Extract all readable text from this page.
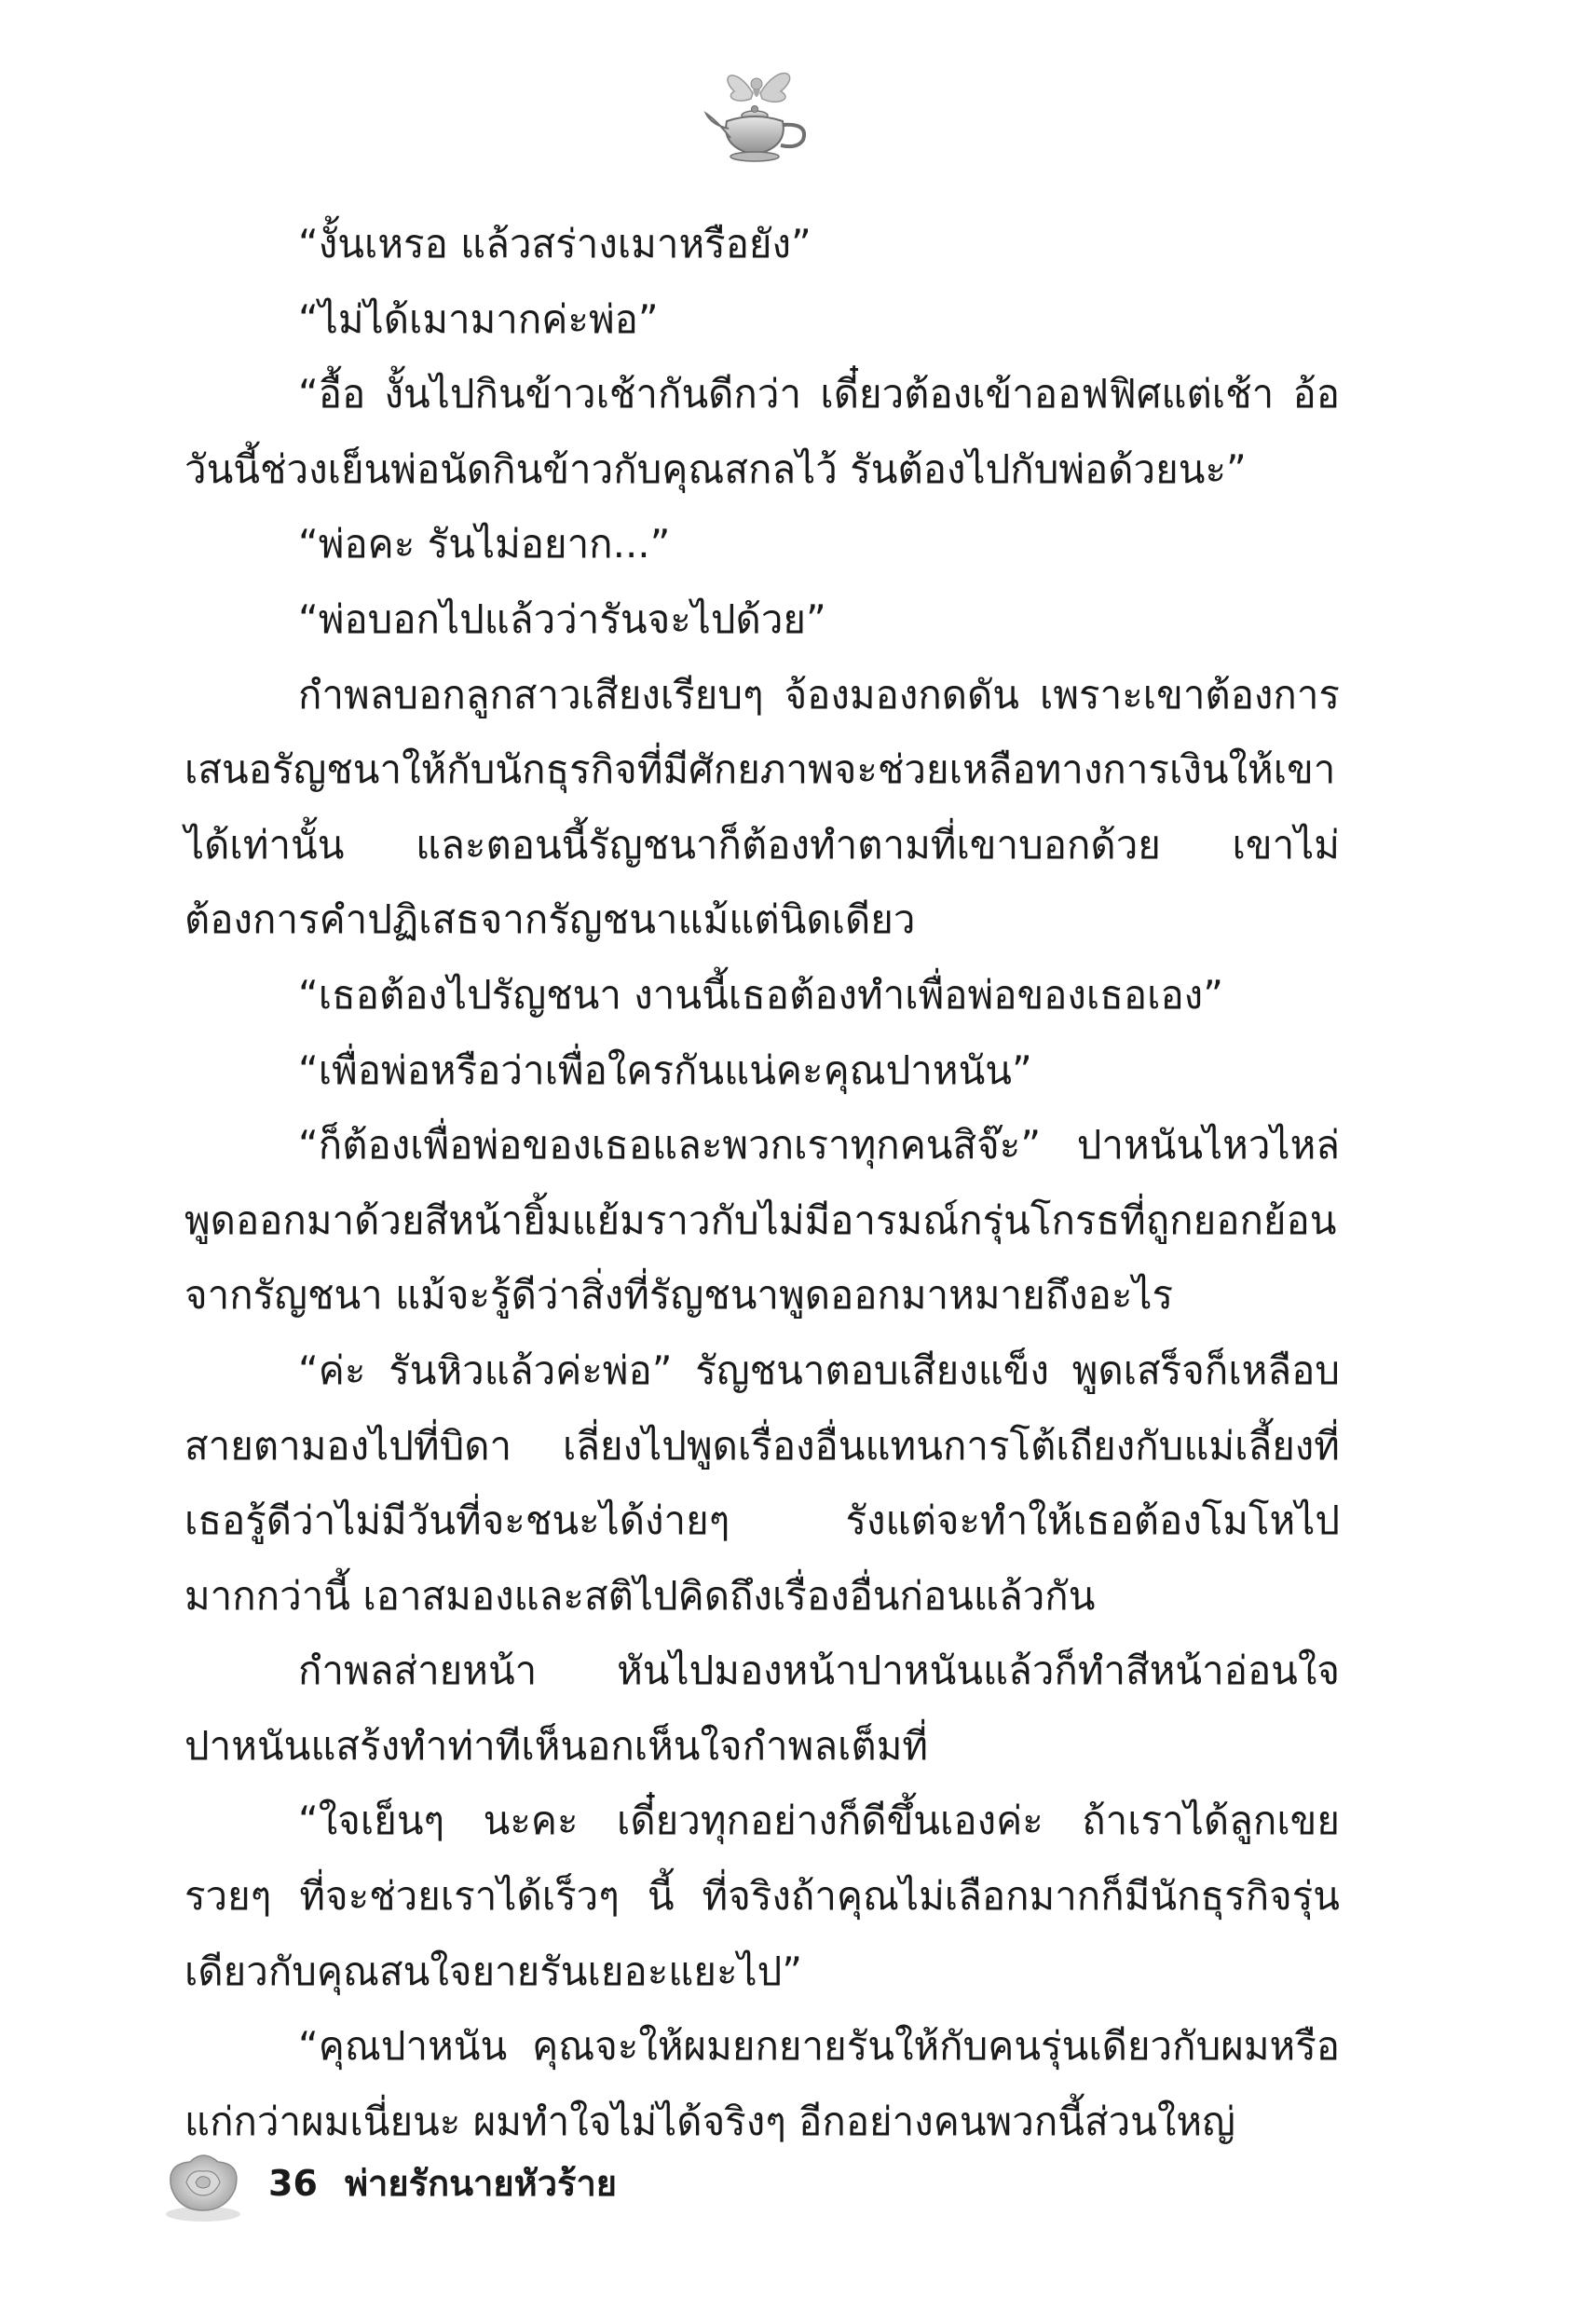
“งั้นเหรอ แล้วสร่างเมาหรือยัง”

“ไม่ได้เมามากค่ะพ่อ”

“อื้อ งั้นไปกินข้าวเช้ากันดีกว่า เดี๋ยวต้องเข้าออฟฟิศแต่เช้า อ้อ วันนี้ช่วงเย็นพ่อนัดกินข้าวกับคุณสกลไว้ รันต้องไปกับพ่อด้วยนะ”

“พ่อคะ รันไม่อยาก...”

“พ่อบอกไปแล้วว่ารันจะไปด้วย”

กำพลบอกลูกสาวเสียงเรียบๆ จ้องมองกดดัน เพราะเขาต้องการเสนอรัญชนาให้กับนักธุรกิจที่มีศักยภาพจะช่วยเหลือทางการเงินให้เขาได้เท่านั้น และตอนนี้รัญชนาก็ต้องทำตามที่เขาบอกด้วย เขาไม่ต้องการคำปฏิเสธจากรัญชนาแม้แต่นิดเดียว

“เธอต้องไปรัญชนา งานนี้เธอต้องทำเพื่อพ่อของเธอเอง”

“เพื่อพ่อหรือว่าเพื่อใครกันแน่คะคุณปาหนัน”

“ก็ต้องเพื่อพ่อของเธอและพวกเราทุกคนสิจ๊ะ” ปาหนันไหวไหล่ พูดออกมาด้วยสีหน้ายิ้มแย้มราวกับไม่มีอารมณ์กรุ่นโกรธที่ถูกยอกย้อนจากรัญชนา แม้จะรู้ดีว่าสิ่งที่รัญชนาพูดออกมาหมายถึงอะไร

“ค่ะ รันหิวแล้วค่ะพ่อ” รัญชนาตอบเสียงแข็ง พูดเสร็จก็เหลือบสายตามองไปที่บิดา เลี่ยงไปพูดเรื่องอื่นแทนการโต้เถียงกับแม่เลี้ยงที่เธอรู้ดีว่าไม่มีวันที่จะชนะได้ง่ายๆ รังแต่จะทำให้เธอต้องโมโหไปมากกว่านี้ เอาสมองและสติไปคิดถึงเรื่องอื่นก่อนแล้วกัน

กำพลส่ายหน้า หันไปมองหน้าปาหนันแล้วก็ทำสีหน้าอ่อนใจ ปาหนันแสร้งทำท่าทีเห็นอกเห็นใจกำพลเต็มที่

“ใจเย็นๆ นะคะ เดี๋ยวทุกอย่างก็ดีขึ้นเองค่ะ ถ้าเราได้ลูกเขยรวยๆ ที่จะช่วยเราได้เร็วๆ นี้ ที่จริงถ้าคุณไม่เลือกมากก็มีนักธุรกิจรุ่นเดียวกับคุณสนใจยายรันเยอะแยะไป”

“คุณปาหนัน คุณจะให้ผมยกยายรันให้กับคนรุ่นเดียวกับผมหรือแก่กว่าผมเนี่ยนะ ผมทำใจไม่ได้จริงๆ อีกอย่างคนพวกนี้ส่วนใหญ่

36 พ่ายรักนายหัวร้าย
